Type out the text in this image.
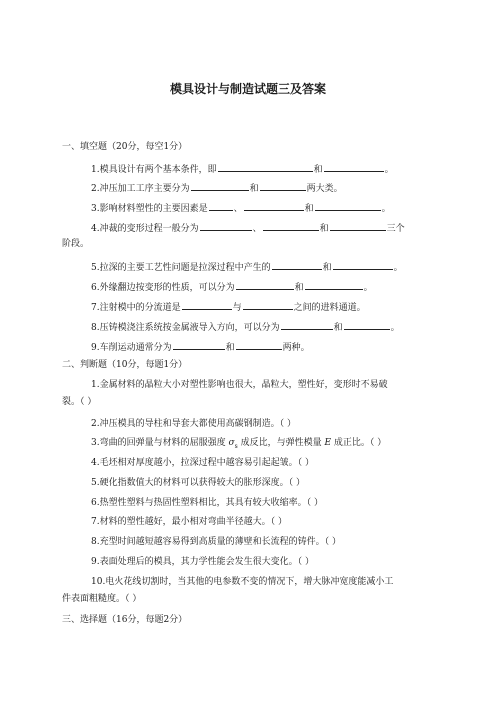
模具设计与制造试题三及答案
一、填空题（20分，每空1分）
1.模具设计有两个基本条件，即	和	。
2.冲压加工工序主要分为	和	两大类。
3.影响材料塑性的主要因素是	、	和	。
4.冲裁的变形过程一般分为	、	和	三个
阶段。
5.拉深的主要工艺性问题是拉深过程中产生的	和	。
6.外缘翻边按变形的性质，可以分为	和	。
7.注射模中的分流道是	与	之间的进料通道。
8.压铸模浇注系统按金属液导入方向，可以分为	和	。
9.车削运动通常分为	和	两种。
二、判断题（10分，每题1分）
1.金属材料的晶粒大小对塑性影响也很大，晶粒大，塑性好，变形时不易破
裂。（ ）
2.冲压模具的导柱和导套大都使用高碳钢制造。（ ）
3.弯曲的回弹量与材料的屈服强度 $\sigma_s$ 成反比，与弹性模量 E 成正比。（ ）
4.毛坯相对厚度越小，拉深过程中越容易引起起皱。（ ）
5.硬化指数值大的材料可以获得较大的胀形深度。（ ）
6.热塑性塑料与热固性塑料相比，其具有较大收缩率。（ ）
7.材料的塑性越好，最小相对弯曲半径越大。（ ）
8.充型时间越短越容易得到高质量的薄壁和长流程的铸件。（ ）
9.表面处理后的模具，其力学性能会发生很大变化。（ ）
10.电火花线切割时，当其他的电参数不变的情况下，增大脉冲宽度能减小工
件表面粗糙度。（ ）
三、选择题（16分，每题2分）
